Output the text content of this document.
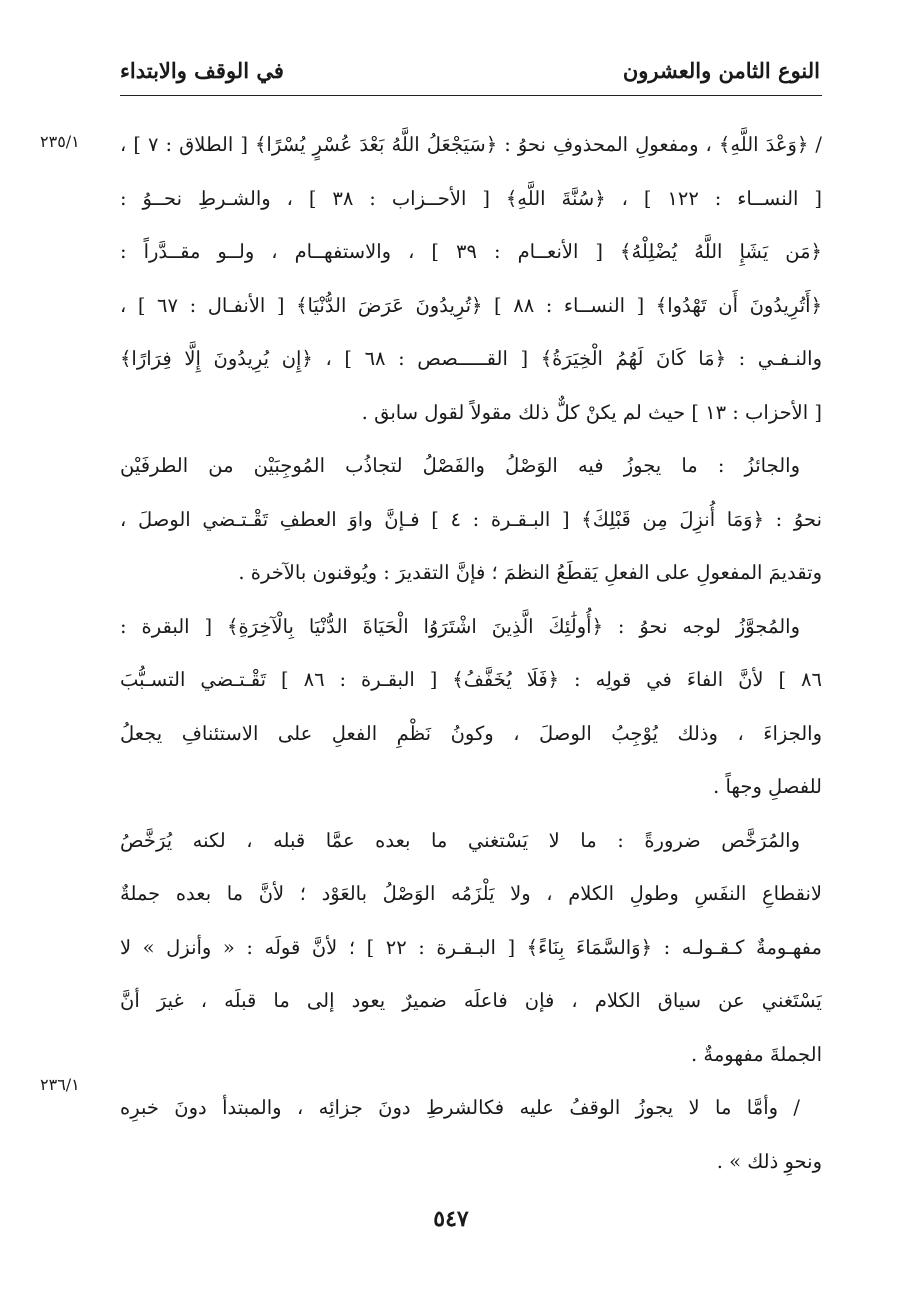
النوع الثامن والعشرون
في الوقف والابتداء
٢٣٥/١
٢٣٦/١
/ ﴿وَعْدَ اللَّهِ﴾ ، ومفعولِ المحذوفِ نحوُ : ﴿سَيَجْعَلُ اللَّهُ بَعْدَ عُسْرٍ يُسْرًا﴾ [ الطلاق : ٧ ] ،
[ النســاء : ١٢٢ ] ، ﴿سُنَّةَ اللَّهِ﴾ [ الأحــزاب : ٣٨ ] ، والشـرطِ نحــوُ :
﴿مَن يَشَإِ اللَّهُ يُضْلِلْهُ﴾ [ الأنعــام : ٣٩ ] ، والاستفهــام ، ولــو مقــدَّراً :
﴿أَتُرِيدُونَ أَن تَهْدُوا﴾ [ النســاء : ٨٨ ] ﴿تُرِيدُونَ عَرَضَ الدُّنْيَا﴾ [ الأنفـال : ٦٧ ] ،
والنـفـي : ﴿مَا كَانَ لَهُمُ الْخِيَرَةُ﴾ [ القـــــصص : ٦٨ ] ، ﴿إِن يُرِيدُونَ إِلَّا فِرَارًا﴾
[ الأحزاب : ١٣ ] حيث لم يكنْ كلٌّ ذلك مقولاً لقول سابق .
والجائزُ : ما يجوزُ فيه الوَصْلُ والفَصْلُ لتجاذُب المُوجِبَيْن من الطرفَيْن
نحوُ : ﴿وَمَا أُنزِلَ مِن قَبْلِكَ﴾ [ البـقـرة : ٤ ] فـإنَّ واوَ العطفِ تَقْـتـضي الوصلَ ،
وتقديمَ المفعولِ على الفعلِ يَقطَعُ النظمَ ؛ فإنَّ التقديرَ : ويُوقنون بالآخرة .
والمُجوَّزُ لوجه نحوُ : ﴿أُولَٰئِكَ الَّذِينَ اشْتَرَوُا الْحَيَاةَ الدُّنْيَا بِالْآخِرَةِ﴾ [ البقرة :
٨٦ ] لأنَّ الفاءَ في قولِه : ﴿فَلَا يُخَفَّفُ﴾ [ البقـرة : ٨٦ ] تَقْـتـضي التسـبُّبَ
والجزاءَ ، وذلك يُوْجِبُ الوصلَ ، وكونُ نَظْمِ الفعلِ على الاستئنافِ يجعلُ
للفصلِ وجهاً .
والمُرَخَّص ضرورةً : ما لا يَسْتغني ما بعده عمَّا قبله ، لكنه يُرَخَّصُ
لانقطاعِ النفَسِ وطولِ الكلام ، ولا يَلْزَمُه الوَصْلُ بالعَوْد ؛ لأنَّ ما بعده جملةٌ
مفهـومةٌ كـقـولـه : ﴿وَالسَّمَاءَ بِنَاءً﴾ [ البـقـرة : ٢٢ ] ؛ لأنَّ قولَه : « وأنزل » لا
يَسْتَغني عن سياق الكلام ، فإن فاعلَه ضميرٌ يعود إلى ما قبلَه ، غيرَ أنَّ
الجملةَ مفهومةٌ .
/ وأمَّا ما لا يجوزُ الوقفُ عليه فكالشرطِ دونَ جزائِه ، والمبتدأ دونَ خبرِه
ونحوِ ذلك » .
٥٤٧
